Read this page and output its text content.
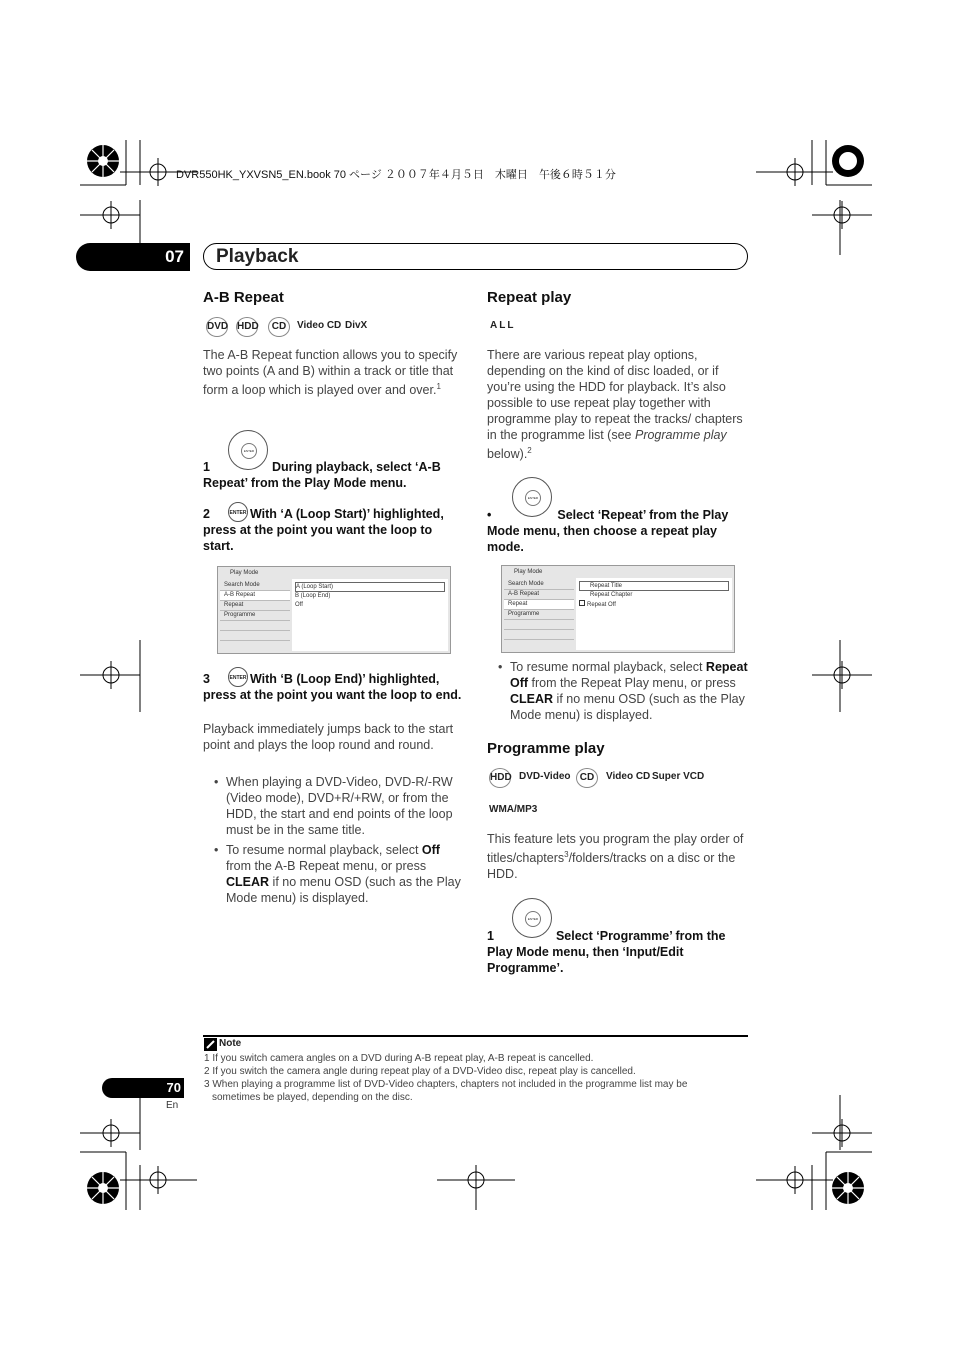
DVR550HK_YXVSN5_EN.book 70 ページ ２００７年４月５日　木曜日　午後６時５１分
07	Playback
A-B Repeat
DVD HDD	CD	Video CD DivX
The A-B Repeat function allows you to specify two points (A and B) within a track or title that form a loop which is played over and over.$^1$
ENTER
1	During playback, select ‘A-B Repeat’ from the Play Mode menu.
ENTER
2	With ‘A (Loop Start)’ highlighted, press at the point you want the loop to start.
Play Mode
Search Mode
A-B Repeat
Repeat
Programme
A (Loop Start)
B (Loop End)
Off
ENTER
3	With ‘B (Loop End)’ highlighted, press at the point you want the loop to end.
Playback immediately jumps back to the start point and plays the loop round and round.
• When playing a DVD-Video, DVD-R/-RW (Video mode), DVD+R/+RW, or from the HDD, the start and end points of the loop must be in the same title.
• To resume normal playback, select Off from the A-B Repeat menu, or press CLEAR if no menu OSD (such as the Play Mode menu) is displayed.
Repeat play
ALL
There are various repeat play options, depending on the kind of disc loaded, or if you’re using the HDD for playback. It’s also possible to use repeat play together with programme play to repeat the tracks/ chapters in the programme list (see Programme play below).$^2$
ENTER
•	Select ‘Repeat’ from the Play Mode menu, then choose a repeat play mode.
Play Mode
Search Mode
A-B Repeat
Repeat
Programme
Repeat Title
Repeat Chapter
Repeat Off
• To resume normal playback, select Repeat Off from the Repeat Play menu, or press CLEAR if no menu OSD (such as the Play Mode menu) is displayed.
Programme play
HDD DVD-Video CD	Video CD Super VCD
WMA/MP3
This feature lets you program the play order of titles/chapters$^3$/folders/tracks on a disc or the HDD.
ENTER
1	Select ‘Programme’ from the Play Mode menu, then ‘Input/Edit Programme’.
Note
1 If you switch camera angles on a DVD during A-B repeat play, A-B repeat is cancelled.
2 If you switch the camera angle during repeat play of a DVD-Video disc, repeat play is cancelled.
3 When playing a programme list of DVD-Video chapters, chapters not included in the programme list may be
sometimes be played, depending on the disc.
70
En
